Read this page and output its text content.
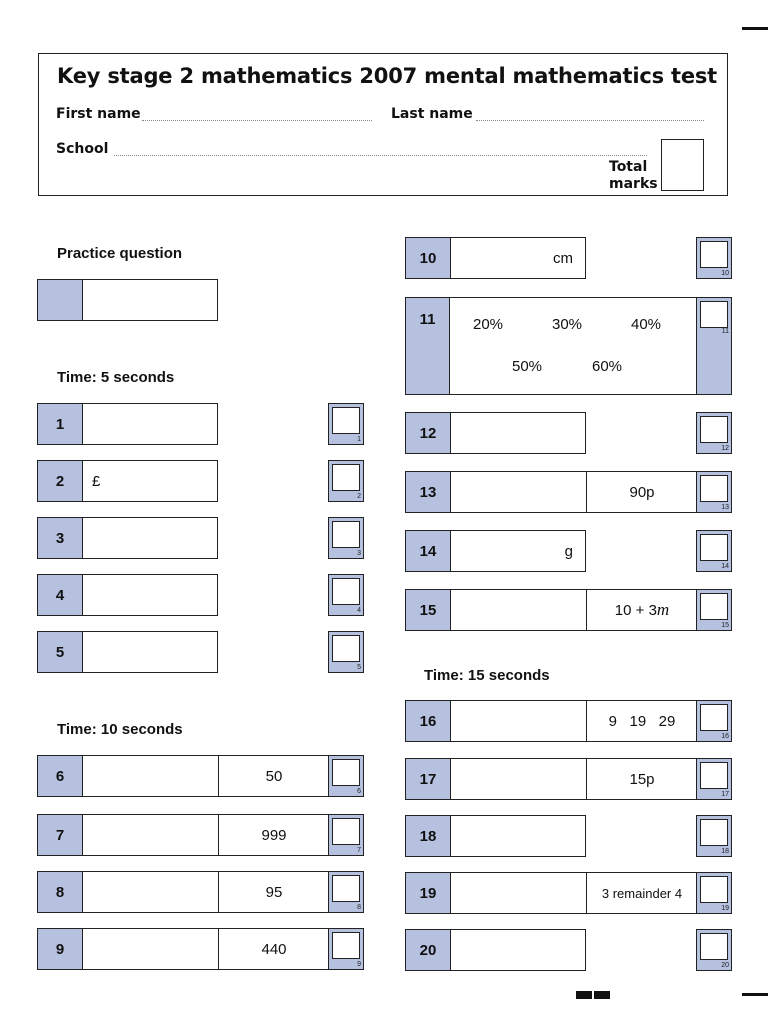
Key stage 2 mathematics 2007 mental mathematics test
First name	Last name
School
Total
marks
Practice question
Time: 5 seconds
1
1
2	£
2
3
3
4
4
5
5
Time: 10 seconds
6	50
6
7	999
7
8	95
8
9	440
9
10	cm
10
11	20%	30%	40%
50%	60%
11
12
12
13	90p
13
14	g
14
15	10 + 3 m
15
Time: 15 seconds
16	9   19   29
16
17	15p
17
18
18
19	3 remainder 4
19
20
20
